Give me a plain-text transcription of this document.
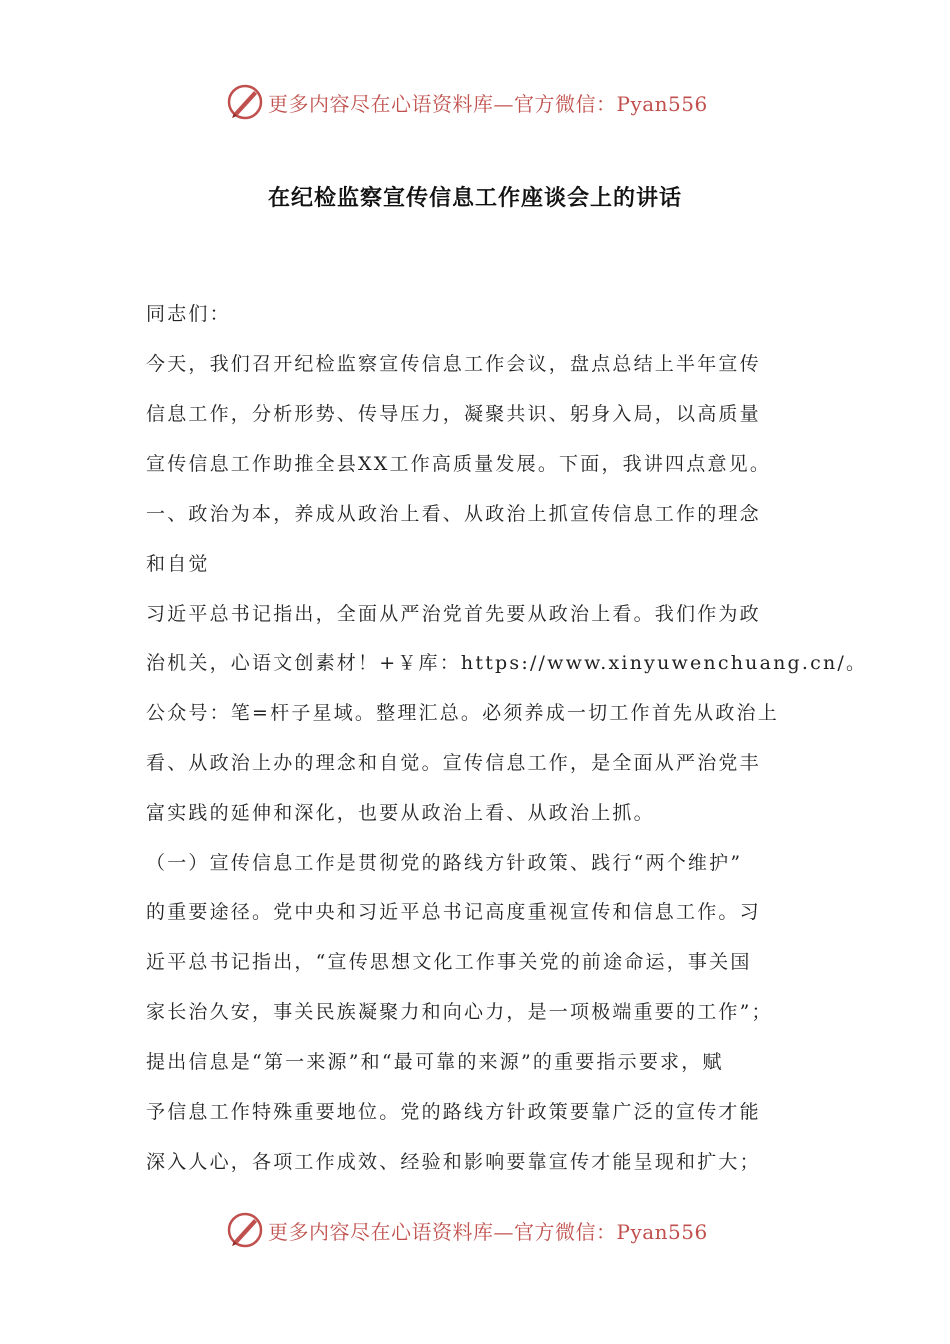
更多内容尽在心语资料库—官方微信：Pyan556
在纪检监察宣传信息工作座谈会上的讲话
同志们：
今天，我们召开纪检监察宣传信息工作会议，盘点总结上半年宣传
信息工作，分析形势、传导压力，凝聚共识、躬身入局，以高质量
宣传信息工作助推全县XX工作高质量发展。下面，我讲四点意见。
一、政治为本，养成从政治上看、从政治上抓宣传信息工作的理念
和自觉
习近平总书记指出，全面从严治党首先要从政治上看。我们作为政
治机关，心语文创素材！+￥库：https://www.xinyuwenchuang.cn/。
公众号：笔=杆子星域。整理汇总。必须养成一切工作首先从政治上
看、从政治上办的理念和自觉。宣传信息工作，是全面从严治党丰
富实践的延伸和深化，也要从政治上看、从政治上抓。
（一）宣传信息工作是贯彻党的路线方针政策、践行“两个维护”
的重要途径。党中央和习近平总书记高度重视宣传和信息工作。习
近平总书记指出，“宣传思想文化工作事关党的前途命运，事关国
家长治久安，事关民族凝聚力和向心力，是一项极端重要的工作”；
提出信息是“第一来源”和“最可靠的来源”的重要指示要求，赋
予信息工作特殊重要地位。党的路线方针政策要靠广泛的宣传才能
深入人心，各项工作成效、经验和影响要靠宣传才能呈现和扩大；
更多内容尽在心语资料库—官方微信：Pyan556
